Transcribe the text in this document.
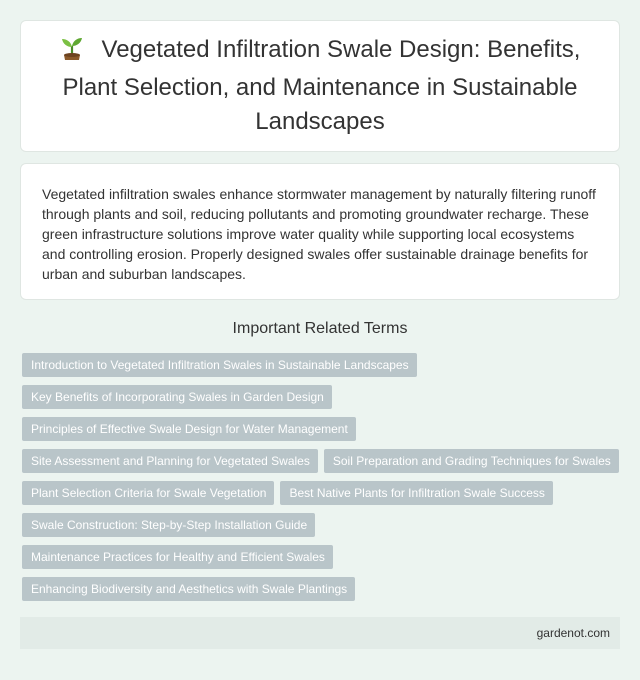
Vegetated Infiltration Swale Design: Benefits, Plant Selection, and Maintenance in Sustainable Landscapes

Vegetated infiltration swales enhance stormwater management by naturally filtering runoff through plants and soil, reducing pollutants and promoting groundwater recharge. These green infrastructure solutions improve water quality while supporting local ecosystems and controlling erosion. Properly designed swales offer sustainable drainage benefits for urban and suburban landscapes.

Important Related Terms
Introduction to Vegetated Infiltration Swales in Sustainable Landscapes
Key Benefits of Incorporating Swales in Garden Design
Principles of Effective Swale Design for Water Management
Site Assessment and Planning for Vegetated Swales	Soil Preparation and Grading Techniques for Swales
Plant Selection Criteria for Swale Vegetation	Best Native Plants for Infiltration Swale Success
Swale Construction: Step-by-Step Installation Guide
Maintenance Practices for Healthy and Efficient Swales
Enhancing Biodiversity and Aesthetics with Swale Plantings
gardenot.com
